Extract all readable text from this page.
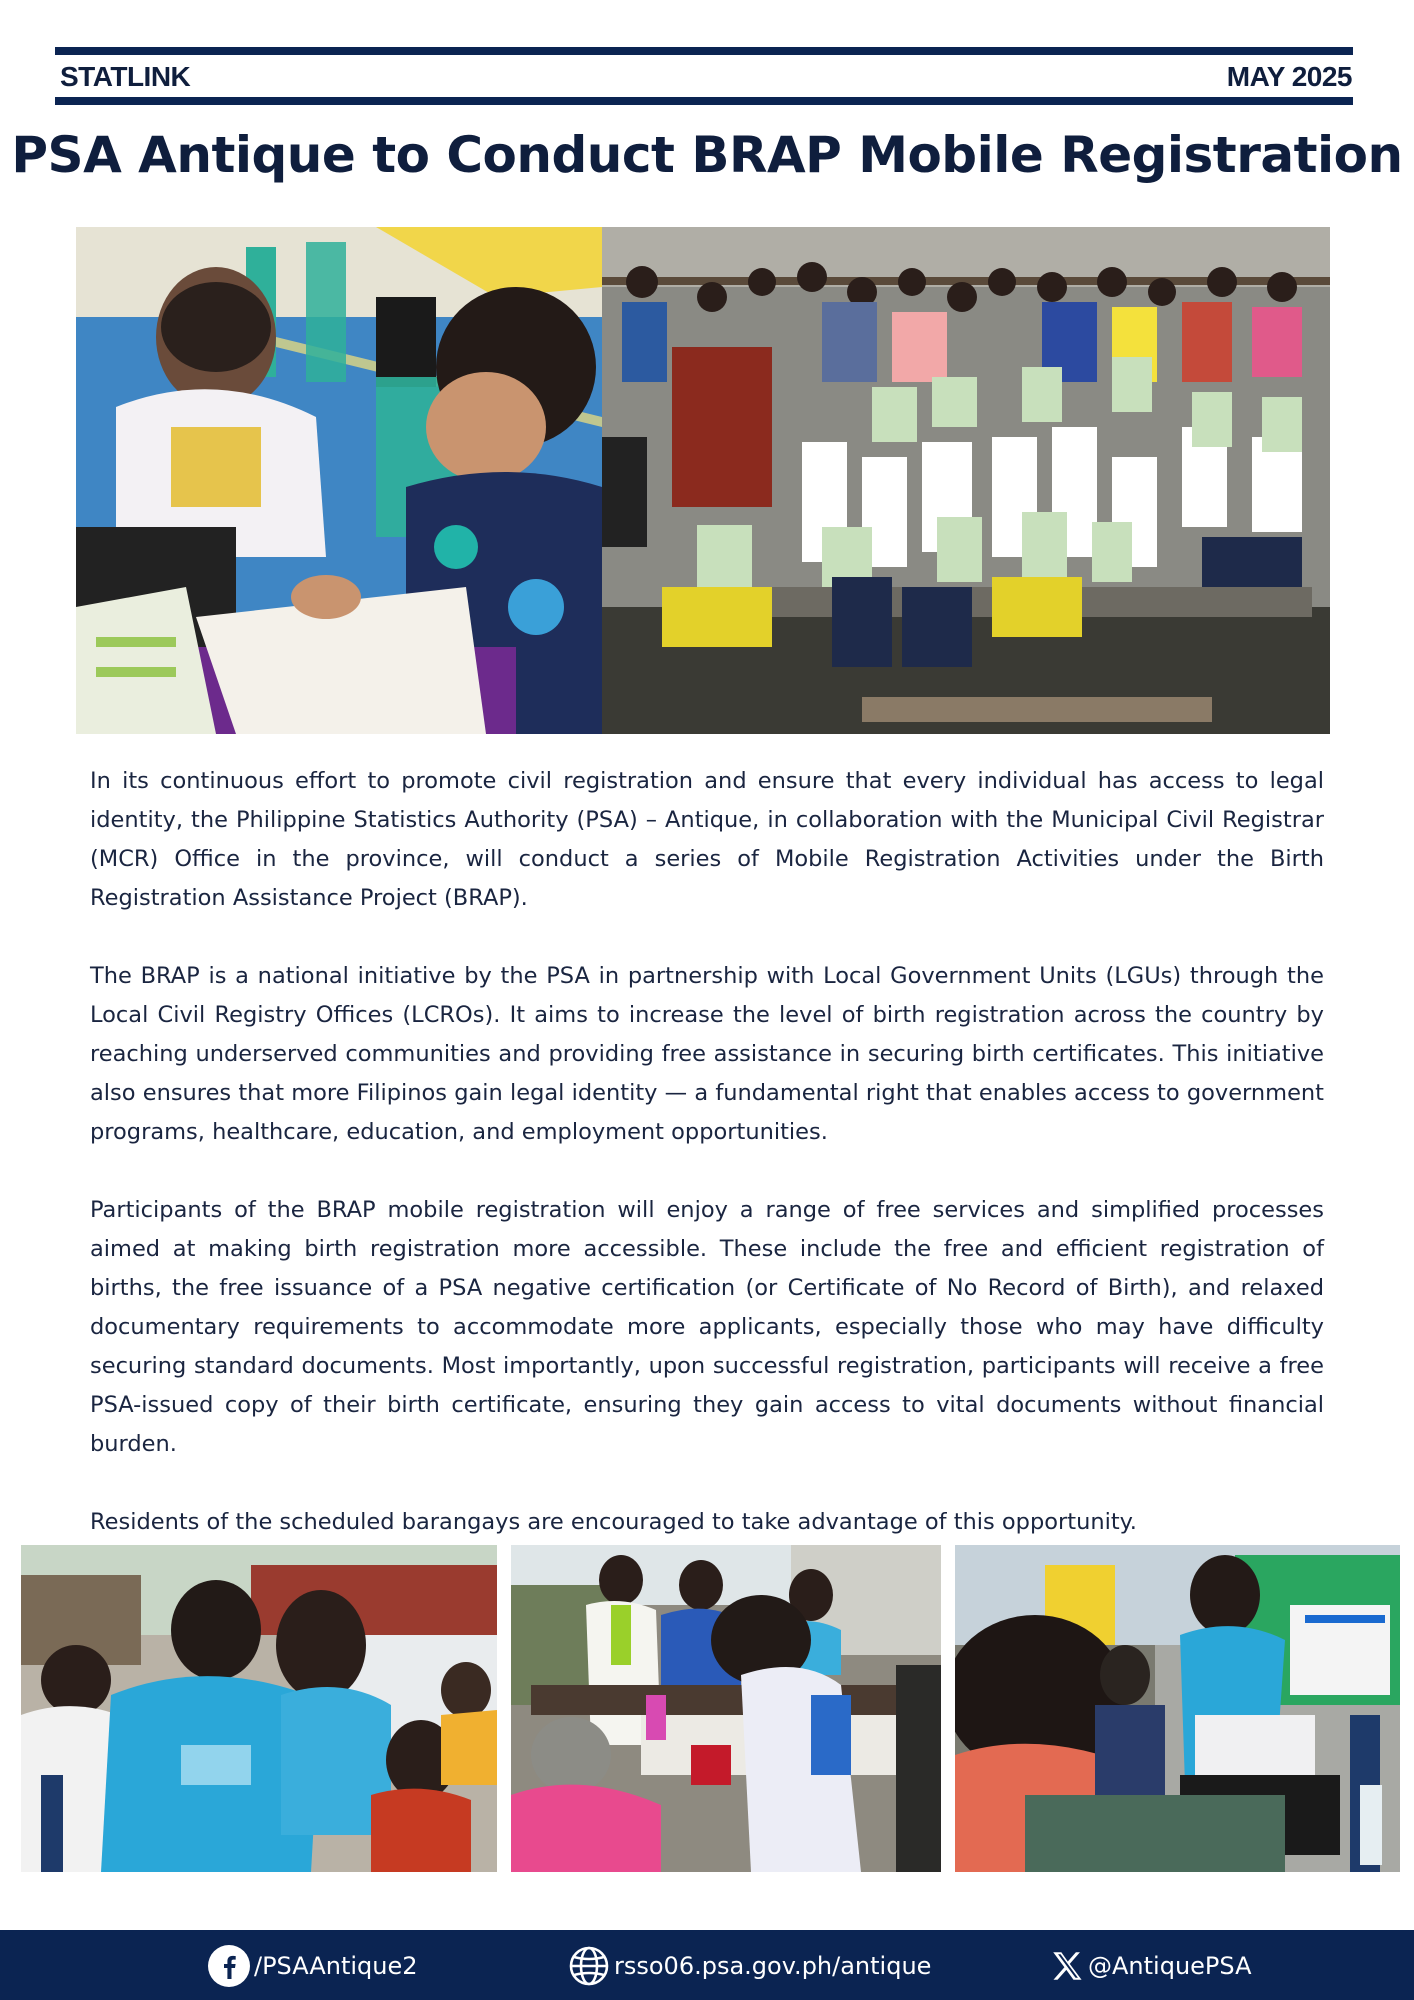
STATLINK	MAY 2025
PSA Antique to Conduct BRAP Mobile Registration

In its continuous effort to promote civil registration and ensure that every individual has access to legal identity, the Philippine Statistics Authority (PSA) – Antique, in collaboration with the Municipal Civil Registrar (MCR) Office in the province, will conduct a series of Mobile Registration Activities under the Birth Registration Assistance Project (BRAP).

The BRAP is a national initiative by the PSA in partnership with Local Government Units (LGUs) through the Local Civil Registry Offices (LCROs). It aims to increase the level of birth registration across the country by reaching underserved communities and providing free assistance in securing birth certificates. This initiative also ensures that more Filipinos gain legal identity — a fundamental right that enables access to government programs, healthcare, education, and employment opportunities.

Participants of the BRAP mobile registration will enjoy a range of free services and simplified processes aimed at making birth registration more accessible. These include the free and efficient registration of births, the free issuance of a PSA negative certification (or Certificate of No Record of Birth), and relaxed documentary requirements to accommodate more applicants, especially those who may have difficulty securing standard documents. Most importantly, upon successful registration, participants will receive a free PSA-issued copy of their birth certificate, ensuring they gain access to vital documents without financial burden.

Residents of the scheduled barangays are encouraged to take advantage of this opportunity.

/PSAAntique2	rsso06.psa.gov.ph/antique	@AntiquePSA
